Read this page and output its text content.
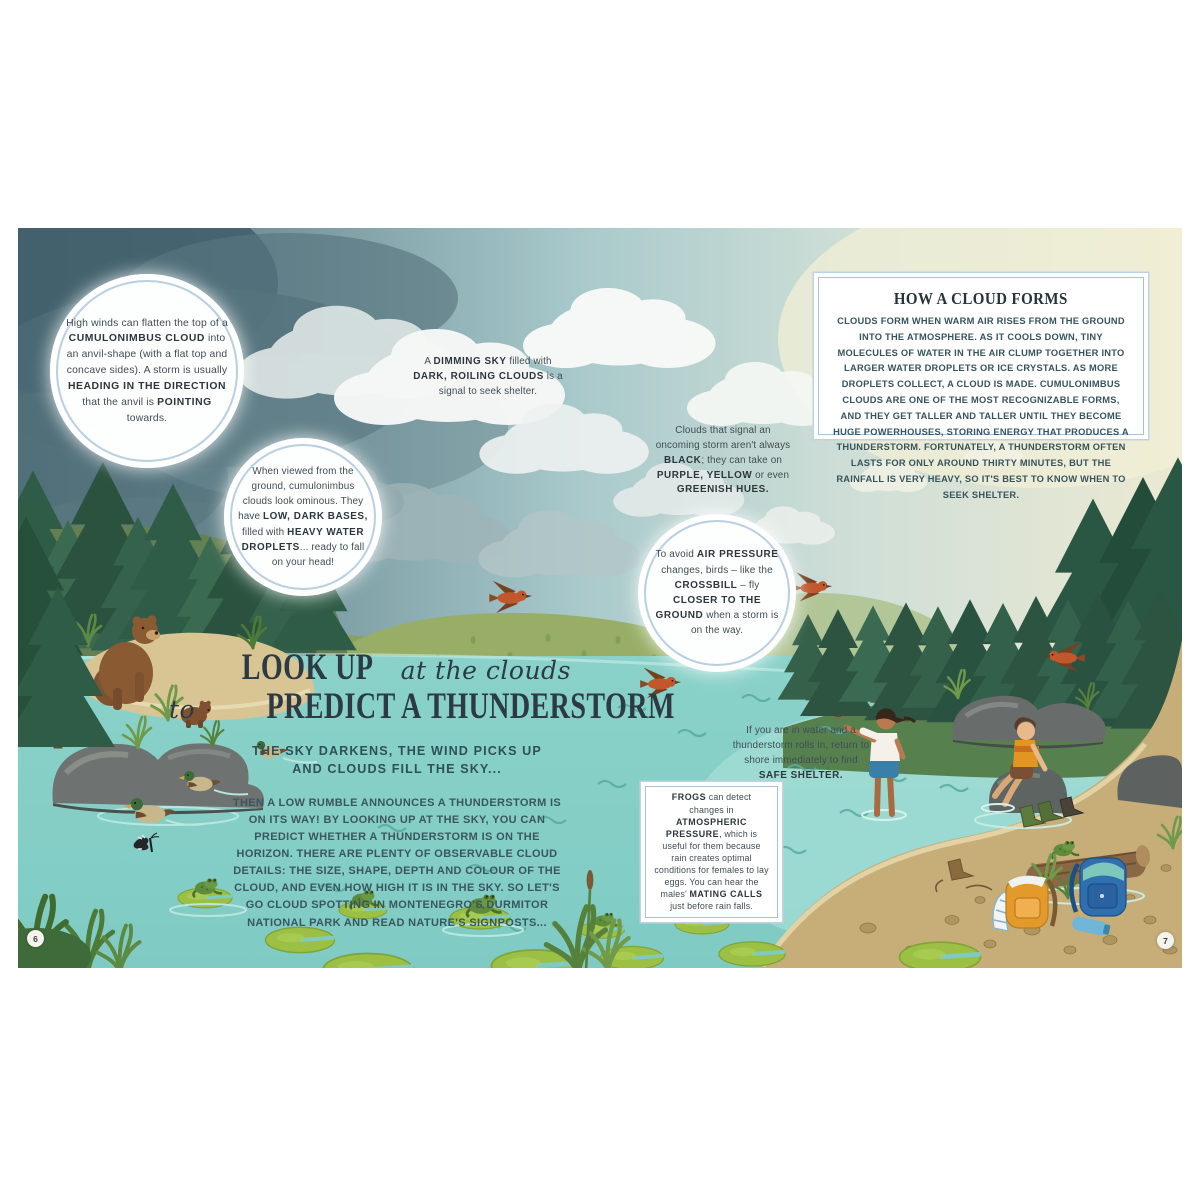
High winds can flatten the top of a CUMULONIMBUS CLOUD into an anvil-shape (with a flat top and concave sides). A storm is usually HEADING IN THE DIRECTION that the anvil is POINTING towards.
When viewed from the ground, cumulonimbus clouds look ominous. They have LOW, DARK BASES, filled with HEAVY WATER DROPLETS... ready to fall on your head!
A DIMMING SKY filled with DARK, ROILING CLOUDS is a signal to seek shelter.
Clouds that signal an oncoming storm aren't always BLACK; they can take on PURPLE, YELLOW or even GREENISH HUES.
HOW A CLOUD FORMS

CLOUDS FORM WHEN WARM AIR RISES FROM THE GROUND INTO THE ATMOSPHERE. AS IT COOLS DOWN, TINY MOLECULES OF WATER IN THE AIR CLUMP TOGETHER INTO LARGER WATER DROPLETS OR ICE CRYSTALS. AS MORE DROPLETS COLLECT, A CLOUD IS MADE. CUMULONIMBUS CLOUDS ARE ONE OF THE MOST RECOGNIZABLE FORMS, AND THEY GET TALLER AND TALLER UNTIL THEY BECOME HUGE POWERHOUSES, STORING ENERGY THAT PRODUCES A THUNDERSTORM. FORTUNATELY, A THUNDERSTORM OFTEN LASTS FOR ONLY AROUND THIRTY MINUTES, BUT THE RAINFALL IS VERY HEAVY, SO IT'S BEST TO KNOW WHEN TO SEEK SHELTER.

To avoid AIR PRESSURE changes, birds – like the CROSSBILL – fly CLOSER TO THE GROUND when a storm is on the way.
LOOK UP at the clouds
to PREDICT A THUNDERSTORM
THE SKY DARKENS, THE WIND PICKS UP
AND CLOUDS FILL THE SKY...
THEN A LOW RUMBLE ANNOUNCES A THUNDERSTORM IS ON ITS WAY! BY LOOKING UP AT THE SKY, YOU CAN PREDICT WHETHER A THUNDERSTORM IS ON THE HORIZON. THERE ARE PLENTY OF OBSERVABLE CLOUD DETAILS: THE SIZE, SHAPE, DEPTH AND COLOUR OF THE CLOUD, AND EVEN HOW HIGH IT IS IN THE SKY. SO LET'S GO CLOUD SPOTTING IN MONTENEGRO'S DURMITOR NATIONAL PARK AND READ NATURE'S SIGNPOSTS...
If you are in water and a thunderstorm rolls in, return to shore immediately to find SAFE SHELTER.
FROGS can detect changes in ATMOSPHERIC PRESSURE, which is useful for them because rain creates optimal conditions for females to lay eggs. You can hear the males' MATING CALLS just before rain falls.
6	7
